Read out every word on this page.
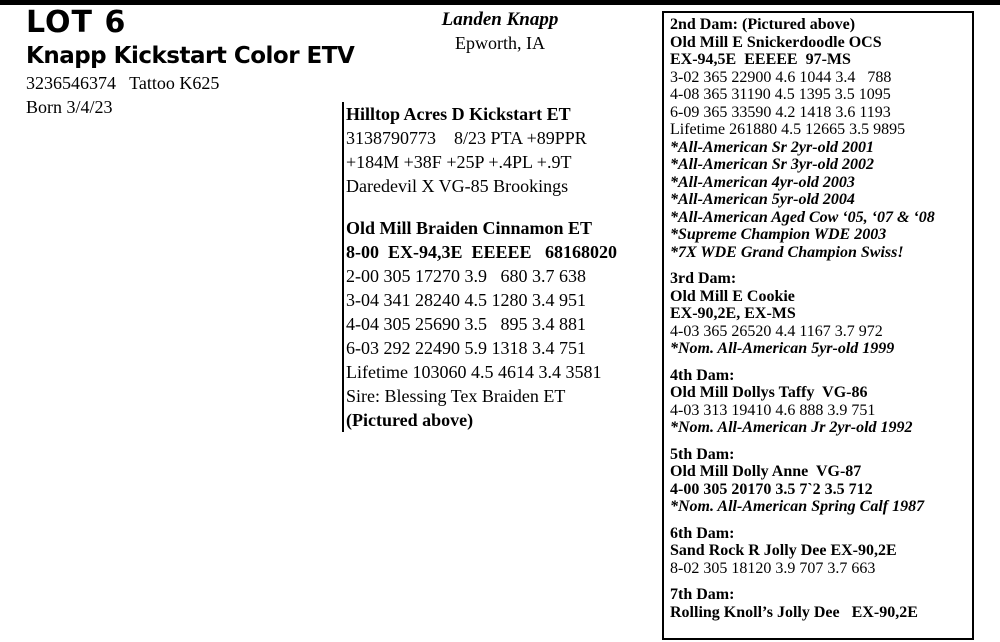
LOT 6
Knapp Kickstart Color ETV
3236546374   Tattoo K625
Born 3/4/23
Landen Knapp
Epworth, IA
Hilltop Acres D Kickstart ET
3138790773    8/23 PTA +89PPR
+184M +38F +25P +.4PL +.9T
Daredevil X VG-85 Brookings
Old Mill Braiden Cinnamon ET
8-00  EX-94,3E  EEEEE   68168020
2-00 305 17270 3.9   680 3.7 638
3-04 341 28240 4.5 1280 3.4 951
4-04 305 25690 3.5   895 3.4 881
6-03 292 22490 5.9 1318 3.4 751
Lifetime 103060 4.5 4614 3.4 3581
Sire: Blessing Tex Braiden ET
(Pictured above)
2nd Dam: (Pictured above)
Old Mill E Snickerdoodle OCS
EX-94,5E  EEEEE  97-MS
3-02 365 22900 4.6 1044 3.4   788
4-08 365 31190 4.5 1395 3.5 1095
6-09 365 33590 4.2 1418 3.6 1193
Lifetime 261880 4.5 12665 3.5 9895
*All-American Sr 2yr-old 2001
*All-American Sr 3yr-old 2002
*All-American 4yr-old 2003
*All-American 5yr-old 2004
*All-American Aged Cow ‘05, ‘07 & ‘08
*Supreme Champion WDE 2003
*7X WDE Grand Champion Swiss!
3rd Dam:
Old Mill E Cookie
EX-90,2E, EX-MS
4-03 365 26520 4.4 1167 3.7 972
*Nom. All-American 5yr-old 1999
4th Dam:
Old Mill Dollys Taffy  VG-86
4-03 313 19410 4.6 888 3.9 751
*Nom. All-American Jr 2yr-old 1992
5th Dam:
Old Mill Dolly Anne  VG-87
4-00 305 20170 3.5 7`2 3.5 712
*Nom. All-American Spring Calf 1987
6th Dam:
Sand Rock R Jolly Dee EX-90,2E
8-02 305 18120 3.9 707 3.7 663
7th Dam:
Rolling Knoll’s Jolly Dee   EX-90,2E
